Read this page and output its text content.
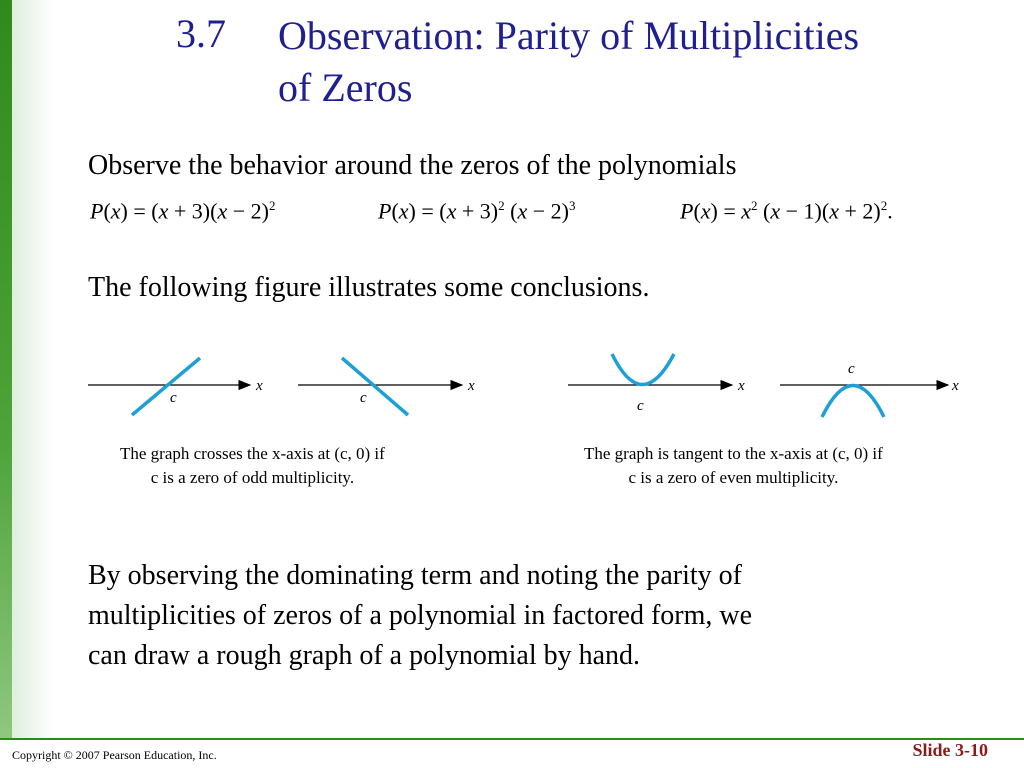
3.7 Observation: Parity of Multiplicities
of Zeros
Observe the behavior around the zeros of the polynomials
$P(x) = (x + 3)(x - 2)^2$	$P(x) = (x + 3)^2$ $(x - 2)^3$	$P(x) = x^2$ $(x - 1)(x + 2)^2$.
The following figure illustrates some conclusions.
x
c
x
c
x
c
x
c
The graph crosses the x-axis at (c, 0) if
c is a zero of odd multiplicity.
The graph is tangent to the x-axis at (c, 0) if
c is a zero of even multiplicity.
By observing the dominating term and noting the parity of
multiplicities of zeros of a polynomial in factored form, we
can draw a rough graph of a polynomial by hand.
Copyright © 2007 Pearson Education, Inc.	Slide 3-10
